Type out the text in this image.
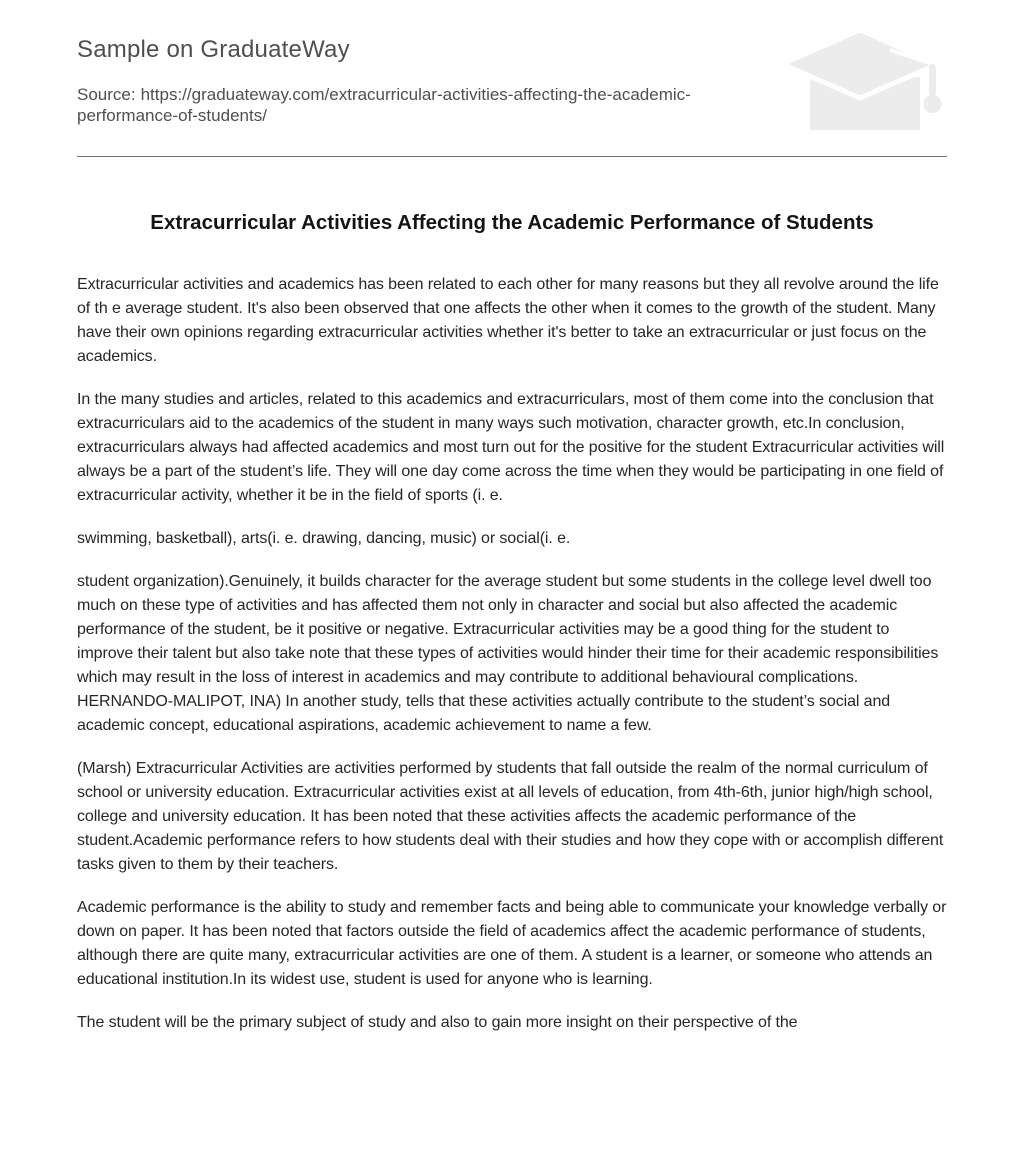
Sample on GraduateWay

Source: https://graduateway.com/extracurricular-activities-affecting-the-academic-performance-of-students/

Extracurricular Activities Affecting the Academic Performance of Students

Extracurricular activities and academics has been related to each other for many reasons but they all revolve around the life of th e average student. It's also been observed that one affects the other when it comes to the growth of the student. Many have their own opinions regarding extracurricular activities whether it's better to take an extracurricular or just focus on the academics.

In the many studies and articles, related to this academics and extracurriculars, most of them come into the conclusion that extracurriculars aid to the academics of the student in many ways such motivation, character growth, etc.In conclusion, extracurriculars always had affected academics and most turn out for the positive for the student Extracurricular activities will always be a part of the student’s life. They will one day come across the time when they would be participating in one field of extracurricular activity, whether it be in the field of sports (i. e.

swimming, basketball), arts(i. e. drawing, dancing, music) or social(i. e.

student organization).Genuinely, it builds character for the average student but some students in the college level dwell too much on these type of activities and has affected them not only in character and social but also affected the academic performance of the student, be it positive or negative. Extracurricular activities may be a good thing for the student to improve their talent but also take note that these types of activities would hinder their time for their academic responsibilities which may result in the loss of interest in academics and may contribute to additional behavioural complications. HERNANDO-MALIPOT, INA) In another study, tells that these activities actually contribute to the student’s social and academic concept, educational aspirations, academic achievement to name a few.

(Marsh) Extracurricular Activities are activities performed by students that fall outside the realm of the normal curriculum of school or university education. Extracurricular activities exist at all levels of education, from 4th-6th, junior high/high school, college and university education. It has been noted that these activities affects the academic performance of the student.Academic performance refers to how students deal with their studies and how they cope with or accomplish different tasks given to them by their teachers.

Academic performance is the ability to study and remember facts and being able to communicate your knowledge verbally or down on paper. It has been noted that factors outside the field of academics affect the academic performance of students, although there are quite many, extracurricular activities are one of them. A student is a learner, or someone who attends an educational institution.In its widest use, student is used for anyone who is learning.

The student will be the primary subject of study and also to gain more insight on their perspective of the
